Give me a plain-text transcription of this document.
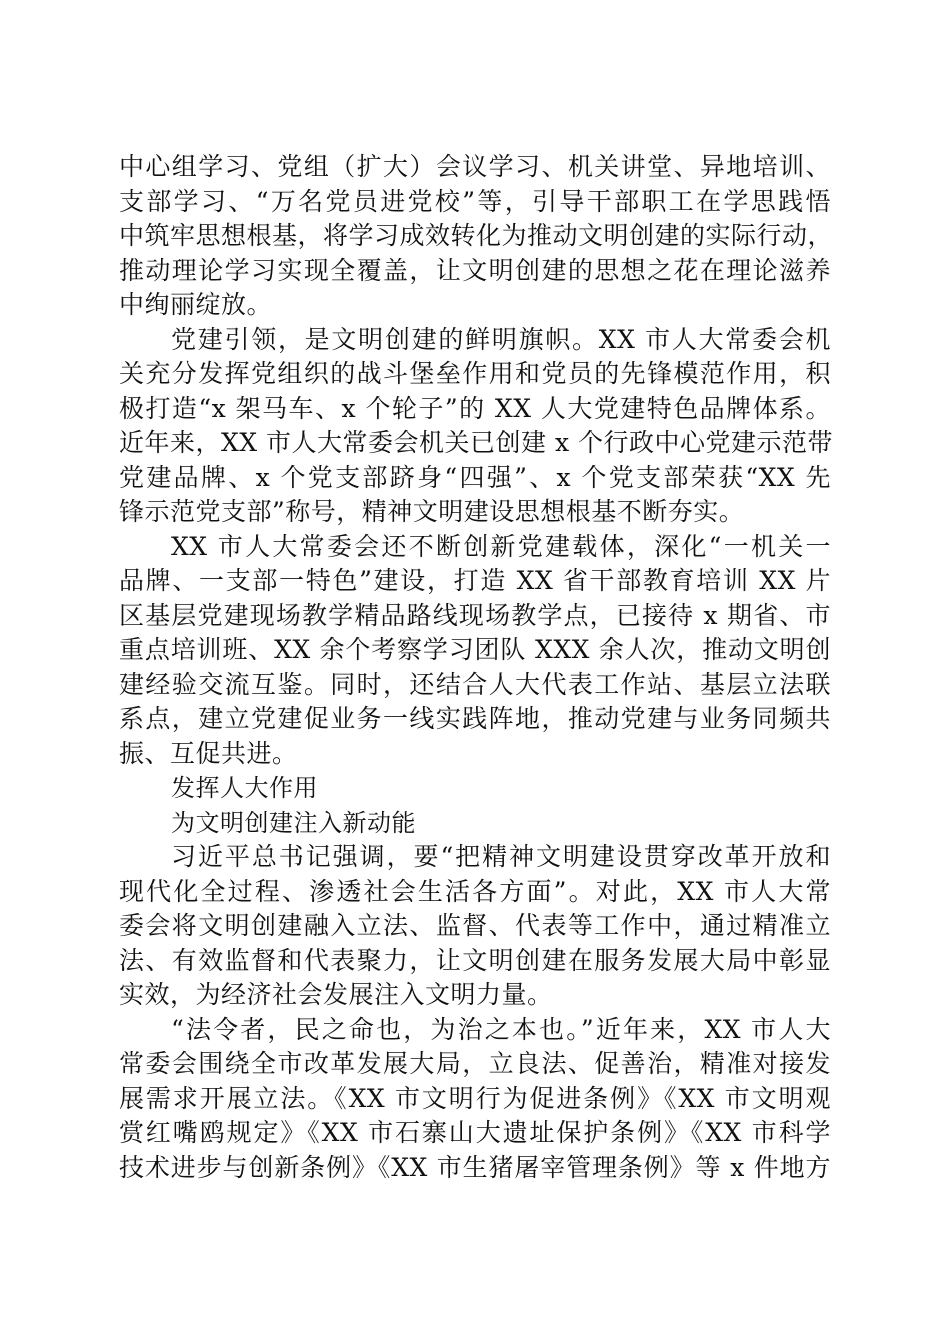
中心组学习、党组（扩大）会议学习、机关讲堂、异地培训、
支部学习、“万名党员进党校”等，引导干部职工在学思践悟
中筑牢思想根基，将学习成效转化为推动文明创建的实际行动，
推动理论学习实现全覆盖，让文明创建的思想之花在理论滋养
中绚丽绽放。
党建引领，是文明创建的鲜明旗帜。XX 市人大常委会机
关充分发挥党组织的战斗堡垒作用和党员的先锋模范作用，积
极打造“x 架马车、x 个轮子”的 XX 人大党建特色品牌体系。
近年来，XX 市人大常委会机关已创建 x 个行政中心党建示范带
党建品牌、x 个党支部跻身“四强”、x 个党支部荣获“XX 先
锋示范党支部”称号，精神文明建设思想根基不断夯实。
XX 市人大常委会还不断创新党建载体，深化“一机关一
品牌、一支部一特色”建设，打造 XX 省干部教育培训 XX 片
区基层党建现场教学精品路线现场教学点，已接待 x 期省、市
重点培训班、XX 余个考察学习团队 XXX 余人次，推动文明创
建经验交流互鉴。同时，还结合人大代表工作站、基层立法联
系点，建立党建促业务一线实践阵地，推动党建与业务同频共
振、互促共进。
发挥人大作用
为文明创建注入新动能
习近平总书记强调，要“把精神文明建设贯穿改革开放和
现代化全过程、渗透社会生活各方面”。对此，XX 市人大常
委会将文明创建融入立法、监督、代表等工作中，通过精准立
法、有效监督和代表聚力，让文明创建在服务发展大局中彰显
实效，为经济社会发展注入文明力量。
“法令者，民之命也，为治之本也。”近年来，XX 市人大
常委会围绕全市改革发展大局，立良法、促善治，精准对接发
展需求开展立法。《XX 市文明行为促进条例》《XX 市文明观
赏红嘴鸥规定》《XX 市石寨山大遗址保护条例》《XX 市科学
技术进步与创新条例》《XX 市生猪屠宰管理条例》等 x 件地方
